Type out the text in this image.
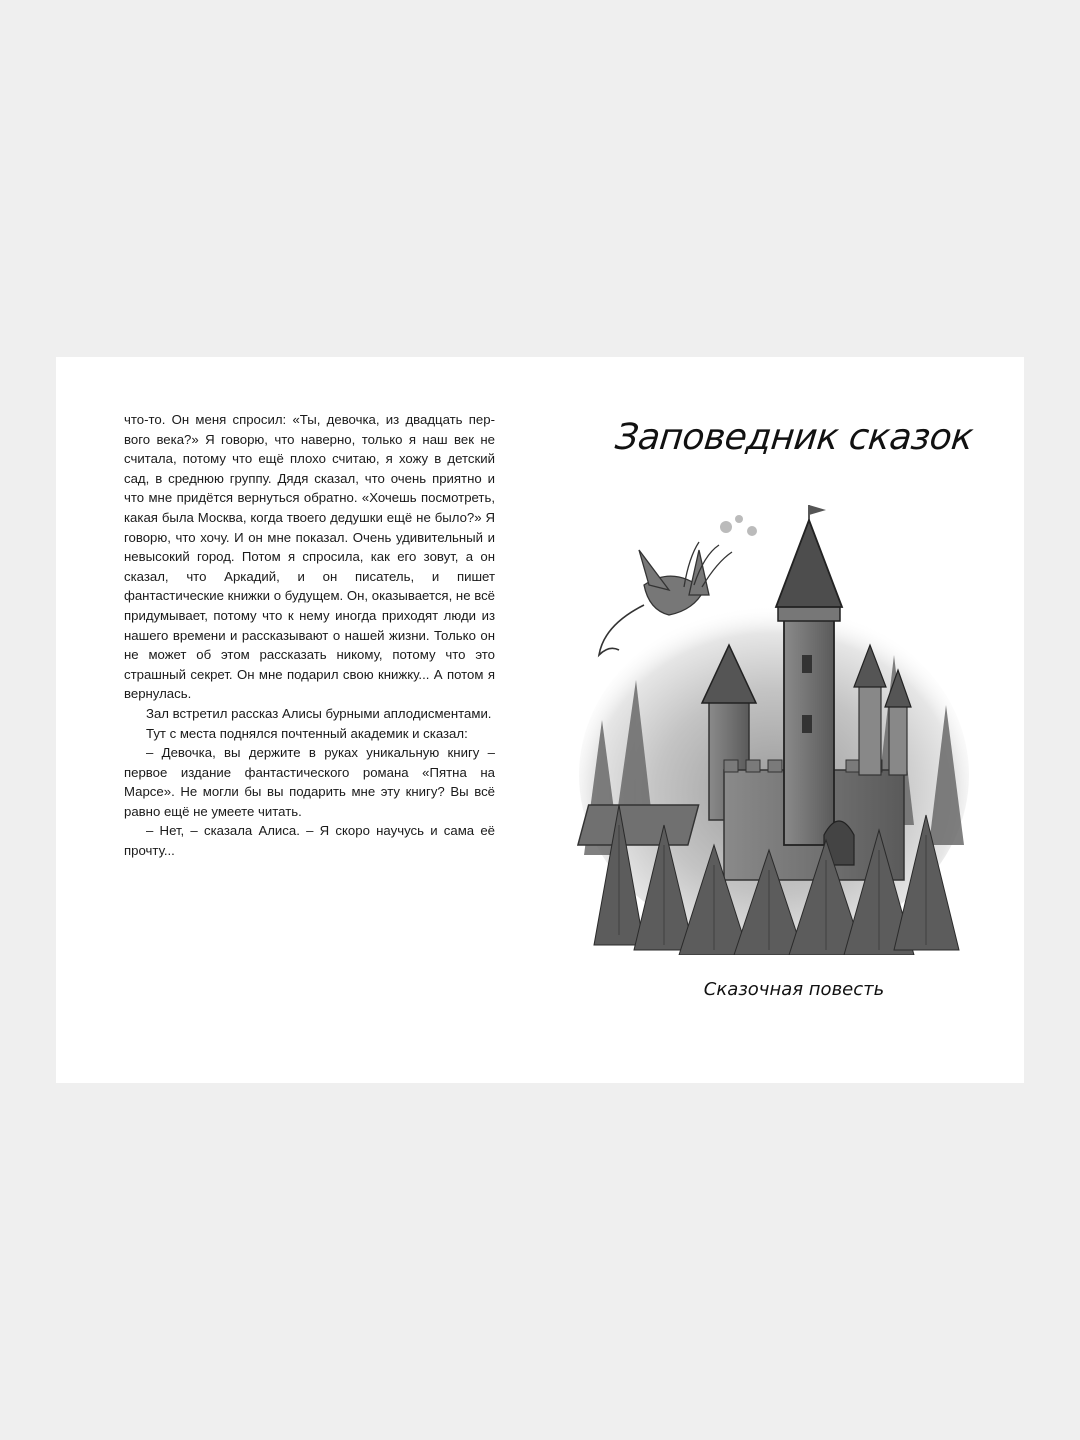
что-то. Он меня спросил: «Ты, девочка, из двадцать первого века?» Я говорю, что наверно, только я наш век не считала, потому что ещё плохо считаю, я хожу в детский сад, в среднюю группу. Дядя сказал, что очень приятно и что мне придётся вернуться обратно. «Хочешь посмотреть, какая была Москва, когда твоего дедушки ещё не было?» Я говорю, что хочу. И он мне показал. Очень удивительный и невысокий город. Потом я спросила, как его зовут, а он сказал, что Аркадий, и он писатель, и пишет фантастические книжки о будущем. Он, оказывается, не всё придумывает, потому что к нему иногда приходят люди из нашего времени и рассказывают о нашей жизни. Только он не может об этом рассказать никому, потому что это страшный секрет. Он мне подарил свою книжку... А потом я вернулась.

Зал встретил рассказ Алисы бурными аплодисментами.

Тут с места поднялся почтенный академик и сказал:

– Девочка, вы держите в руках уникальную книгу – первое издание фантастического романа «Пятна на Марсе». Не могли бы вы подарить мне эту книгу? Вы всё равно ещё не умеете читать.

– Нет, – сказала Алиса. – Я скоро научусь и сама её прочту...

Заповедник сказок
Сказочная повесть
